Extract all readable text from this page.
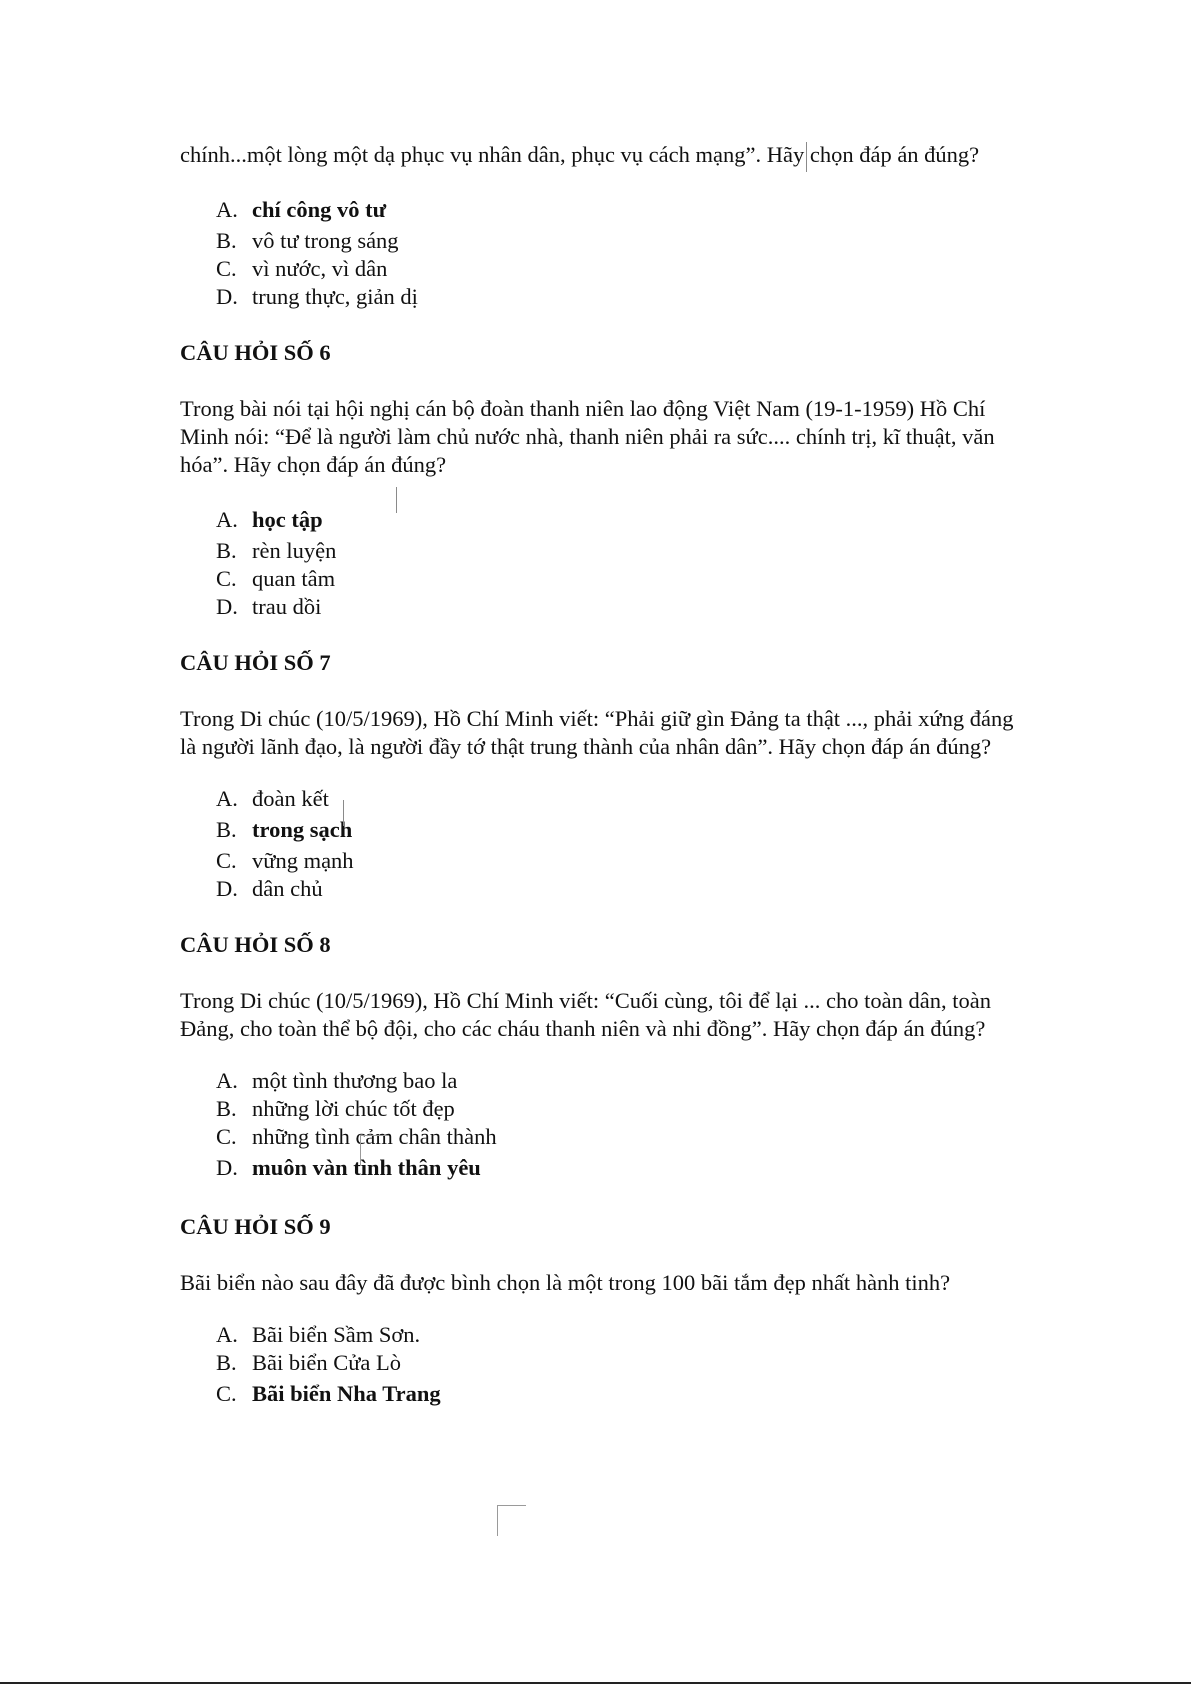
chính...một lòng một dạ phục vụ nhân dân, phục vụ cách mạng”. Hãy chọn đáp án đúng?

A. chí công vô tư
B. vô tư trong sáng
C. vì nước, vì dân
D. trung thực, giản dị

CÂU HỎI SỐ 6

Trong bài nói tại hội nghị cán bộ đoàn thanh niên lao động Việt Nam (19-1-1959) Hồ Chí Minh nói: “Để là người làm chủ nước nhà, thanh niên phải ra sức.... chính trị, kĩ thuật, văn hóa”. Hãy chọn đáp án đúng?

A. học tập
B. rèn luyện
C. quan tâm
D. trau dồi

CÂU HỎI SỐ 7

Trong Di chúc (10/5/1969), Hồ Chí Minh viết: “Phải giữ gìn Đảng ta thật ..., phải xứng đáng là người lãnh đạo, là người đầy tớ thật trung thành của nhân dân”. Hãy chọn đáp án đúng?

A. đoàn kết
B. trong sạch
C. vững mạnh
D. dân chủ

CÂU HỎI SỐ 8

Trong Di chúc (10/5/1969), Hồ Chí Minh viết: “Cuối cùng, tôi để lại ... cho toàn dân, toàn Đảng, cho toàn thể bộ đội, cho các cháu thanh niên và nhi đồng”. Hãy chọn đáp án đúng?

A. một tình thương bao la
B. những lời chúc tốt đẹp
C. những tình cảm chân thành
D. muôn vàn tình thân yêu

CÂU HỎI SỐ 9

Bãi biển nào sau đây đã được bình chọn là một trong 100 bãi tắm đẹp nhất hành tinh?

A. Bãi biển Sầm Sơn.
B. Bãi biển Cửa Lò
C. Bãi biển Nha Trang
